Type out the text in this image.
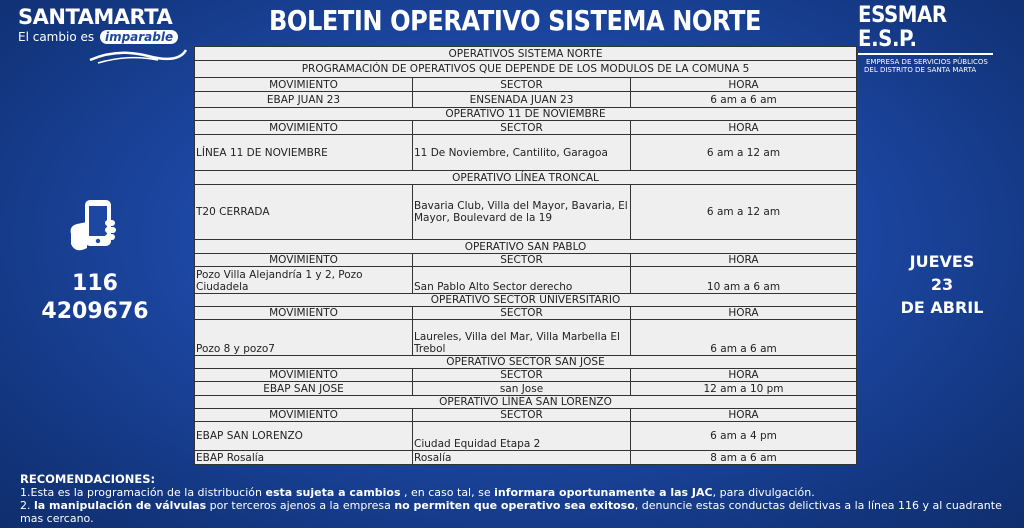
SANTAMARTA
El cambio es imparable	BOLETIN OPERATIVO SISTEMA NORTE	ESSMAR E.S.P.
EMPRESA DE SERVICIOS PÚBLICOS
DEL DISTRITO DE SANTA MARTA
116
4209676
JUEVES
23
DE ABRIL
OPERATIVOS SISTEMA NORTE		
PROGRAMACIÓN DE OPERATIVOS QUE DEPENDE DE LOS MODULOS DE LA COMUNA 5		
MOVIMIENTO	SECTOR	HORA
EBAP JUAN 23	ENSENADA JUAN 23	6 am a 6 am
OPERATIVO 11 DE NOVIEMBRE		
MOVIMIENTO	SECTOR	HORA
LÍNEA 11 DE NOVIEMBRE	11 De Noviembre, Cantilito, Garagoa	6 am a 12 am
OPERATIVO LÍNEA TRONCAL		
T20 CERRADA	Bavaria Club, Villa del Mayor, Bavaria, El Mayor, Boulevard de la 19	6 am a 12 am
OPERATIVO SAN PABLO		
MOVIMIENTO	SECTOR	HORA
Pozo Villa Alejandría 1 y 2, Pozo Ciudadela	San Pablo Alto Sector derecho	10 am a 6 am
OPERATIVO SECTOR UNIVERSITARIO		
MOVIMIENTO	SECTOR	HORA
Pozo 8 y pozo7	Laureles, Villa del Mar, Villa Marbella El Trebol	6 am a 6 am
OPERATIVO SECTOR SAN JOSE		
MOVIMIENTO	SECTOR	HORA
EBAP SAN JOSE	san Jose	12 am a 10 pm
OPERATIVO LÍNEA SAN LORENZO		
MOVIMIENTO	SECTOR	HORA
EBAP SAN LORENZO	Ciudad Equidad Etapa 2	6 am a 4 pm
EBAP Rosalía	Rosalía	8 am a 6 am
RECOMENDACIONES:
1.Esta es la programación de la distribución esta sujeta a cambios , en caso tal, se informara oportunamente a las JAC, para divulgación.
2. la manipulación de válvulas por terceros ajenos a la empresa no permiten que operativo sea exitoso, denuncie estas conductas delictivas a la línea 116 y al cuadrante mas cercano.
